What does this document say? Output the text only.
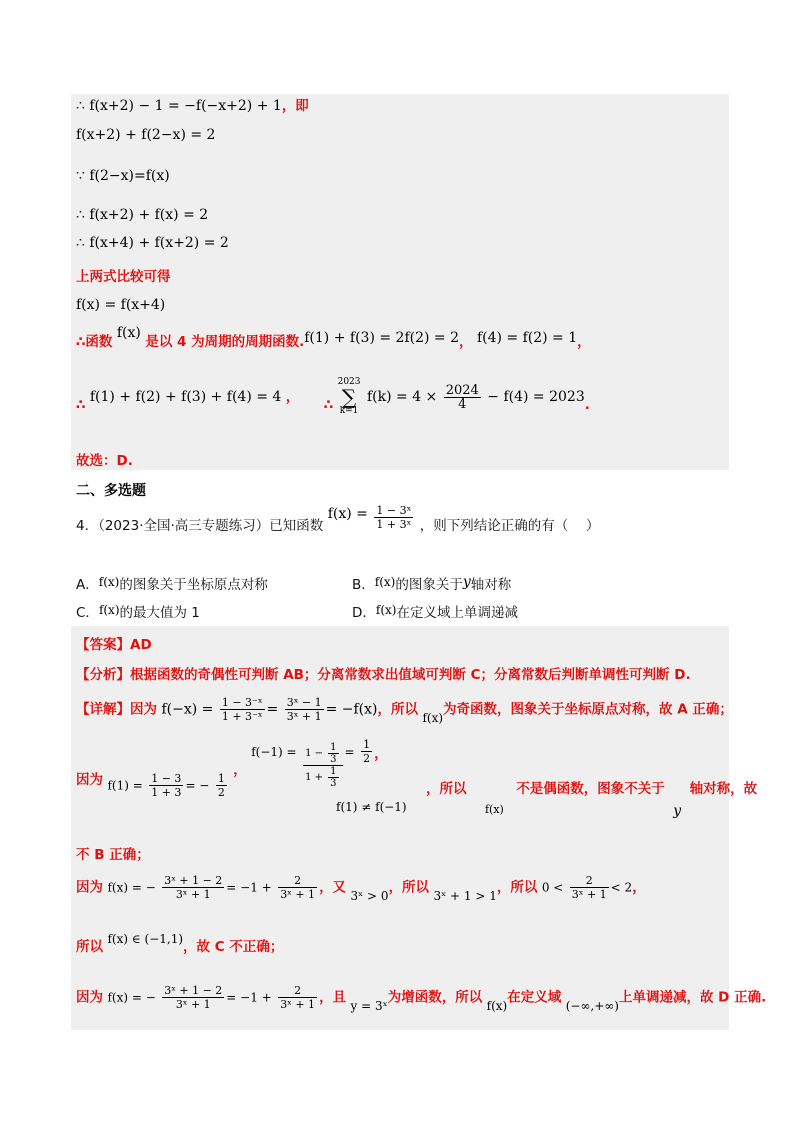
∴ f(x+2) − 1 = −f(−x+2) + 1，即
f(x+2) + f(2−x) = 2
∵ f(2−x)=f(x)
∴ f(x+2) + f(x) = 2
∴ f(x+4) + f(x+2) = 2
上两式比较可得
f(x) = f(x+4)
∴函数 f(x) 是以 4 为周期的周期函数.f(1) + f(3) = 2f(2) = 2， f(4) = f(2) = 1，
∴ f(1) + f(2) + f(3) + f(4) = 4 ， ∴
2023
∑
k=1
$f(k) = 4 \times \frac{2024}{4} - f(4) = 2023$.
故选：D.
二、多选题
4．（2023·全国·高三专题练习）已知函数 $f(x) = \frac{\text{1 − 3ˣ}}{\text{1 + 3ˣ}}$ ，则下列结论正确的有（　 ）
A．f(x)的图象关于坐标原点对称	B．f(x)的图象关于y轴对称
C．f(x)的最大值为 1	D．f(x)在定义域上单调递减
【答案】AD
【分析】根据函数的奇偶性可判断 AB；分离常数求出值域可判断 C；分离常数后判断单调性可判断 D.
【详解】因为 $f(-x) = \frac{\text{1 − 3⁻ˣ}}{\text{1 + 3⁻ˣ}} = \frac{\text{3ˣ − 1}}{\text{3ˣ + 1}} = -f(x)$，所以 f(x)为奇函数，图象关于坐标原点对称，故 A 正确；
因为 $f(1) = \frac{1 - 3}{1 + 3}$ = − $\frac{1}{2}$
， $f(-1) = \frac{1 - \frac{1}{3}}{1 + \frac{1}{3}} = \frac{1}{2}$ ，
f(1) ≠ f(−1)
，所以 $_{f(x)}$ 不是偶函数，图象不关于 y 轴对称，故
不 B 正确；
因为 f(x) = − $\frac{\text{3ˣ + 1 − 2}}{\text{3ˣ + 1}} = -1 + \frac{2}{\text{3ˣ + 1}}$ ，又 3ˣ > 0，所以 3ˣ + 1 > 1，所以 $0 < \frac{2}{\text{3ˣ + 1}} < 2$，
所以 f(x) ∈ (−1,1)，故 C 不正确；
因为 f(x) = − $\frac{\text{3ˣ + 1 − 2}}{\text{3ˣ + 1}} = -1 + \frac{2}{\text{3ˣ + 1}}$ ，且 y = 3ˣ为增函数，所以 f(x)在定义域 (−∞,+∞)上单调递减，故 D 正确.
